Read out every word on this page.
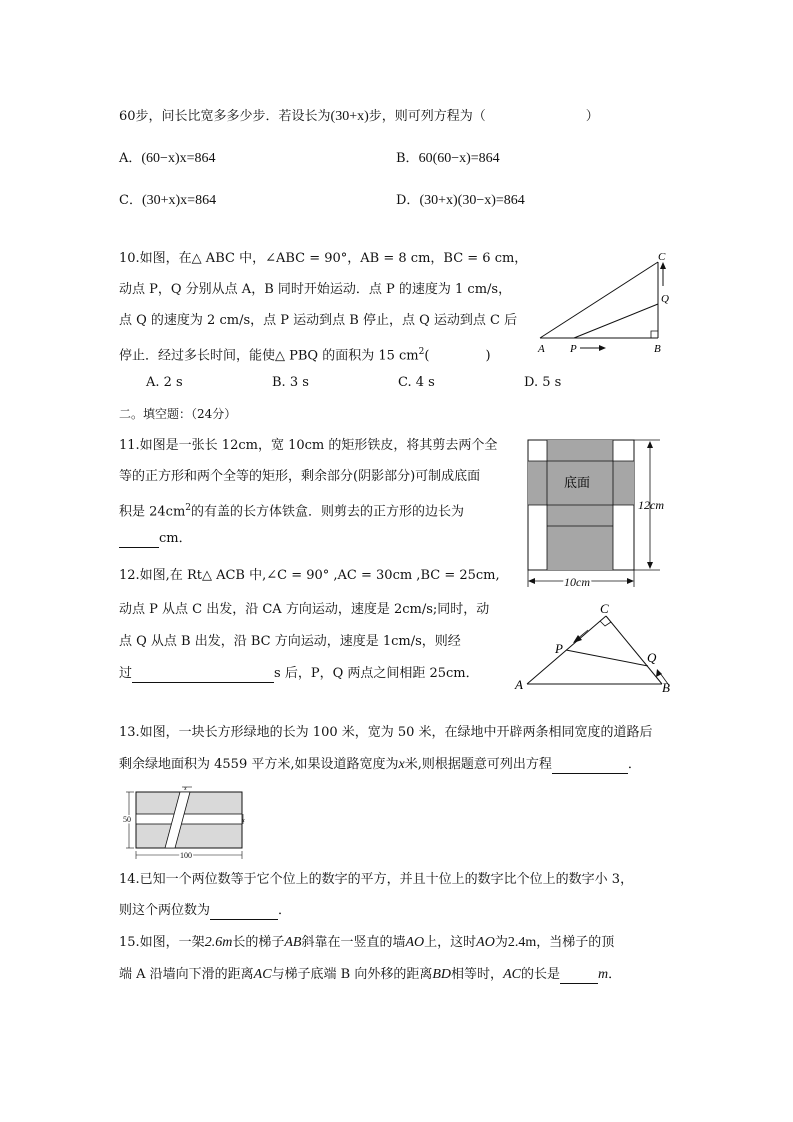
60步，问长比宽多多少步．若设长为(30+x)步，则可列方程为（	）
A．(60−x)x=864	B．60(60−x)=864
C．(30+x)x=864	D．(30+x)(30−x)=864
10.如图，在△ ABC 中，∠ABC = 90°，AB = 8 cm，BC = 6 cm，
动点 P，Q 分别从点 A，B 同时开始运动．点 P 的速度为 1 cm/s，
点 Q 的速度为 2 cm/s，点 P 运动到点 B 停止，点 Q 运动到点 C 后
停止．经过多长时间，能使△ PBQ 的面积为 15 $cm^2$(	)
A. 2 s	B. 3 s	C. 4 s	D. 5 s
C
Q
A P	B
二。填空题：（24分）
11.如图是一张长 12cm，宽 10cm 的矩形铁皮，将其剪去两个全
等的正方形和两个全等的矩形，剩余部分(阴影部分)可制成底面
积是 $24cm^2$的有盖的长方体铁盒．则剪去的正方形的边长为
cm．
底面
12cm
10cm
12.如图,在 Rt△ ACB 中,∠C = 90° ,AC = 30cm ,BC = 25cm,
动点 P 从点 C 出发，沿 CA 方向运动，速度是 2cm/s;同时，动
点 Q 从点 B 出发，沿 BC 方向运动，速度是 1cm/s，则经
过	s 后，P，Q 两点之间相距 25cm．
C
P
Q
A	B
13.如图，一块长方形绿地的长为 100 米，宽为 50 米，在绿地中开辟两条相同宽度的道路后
剩余绿地面积为 4559 平方米,如果设道路宽度为x米,则根据题意可列出方程	．
x
x
50
100
14.已知一个两位数等于它个位上的数字的平方，并且十位上的数字比个位上的数字小 3，
则这个两位数为	．
15.如图，一架2.6m长的梯子AB斜靠在一竖直的墙AO上，这时AO为2.4m，当梯子的顶
端 A 沿墙向下滑的距离AC与梯子底端 B 向外移的距离BD相等时，AC的长是	m．
